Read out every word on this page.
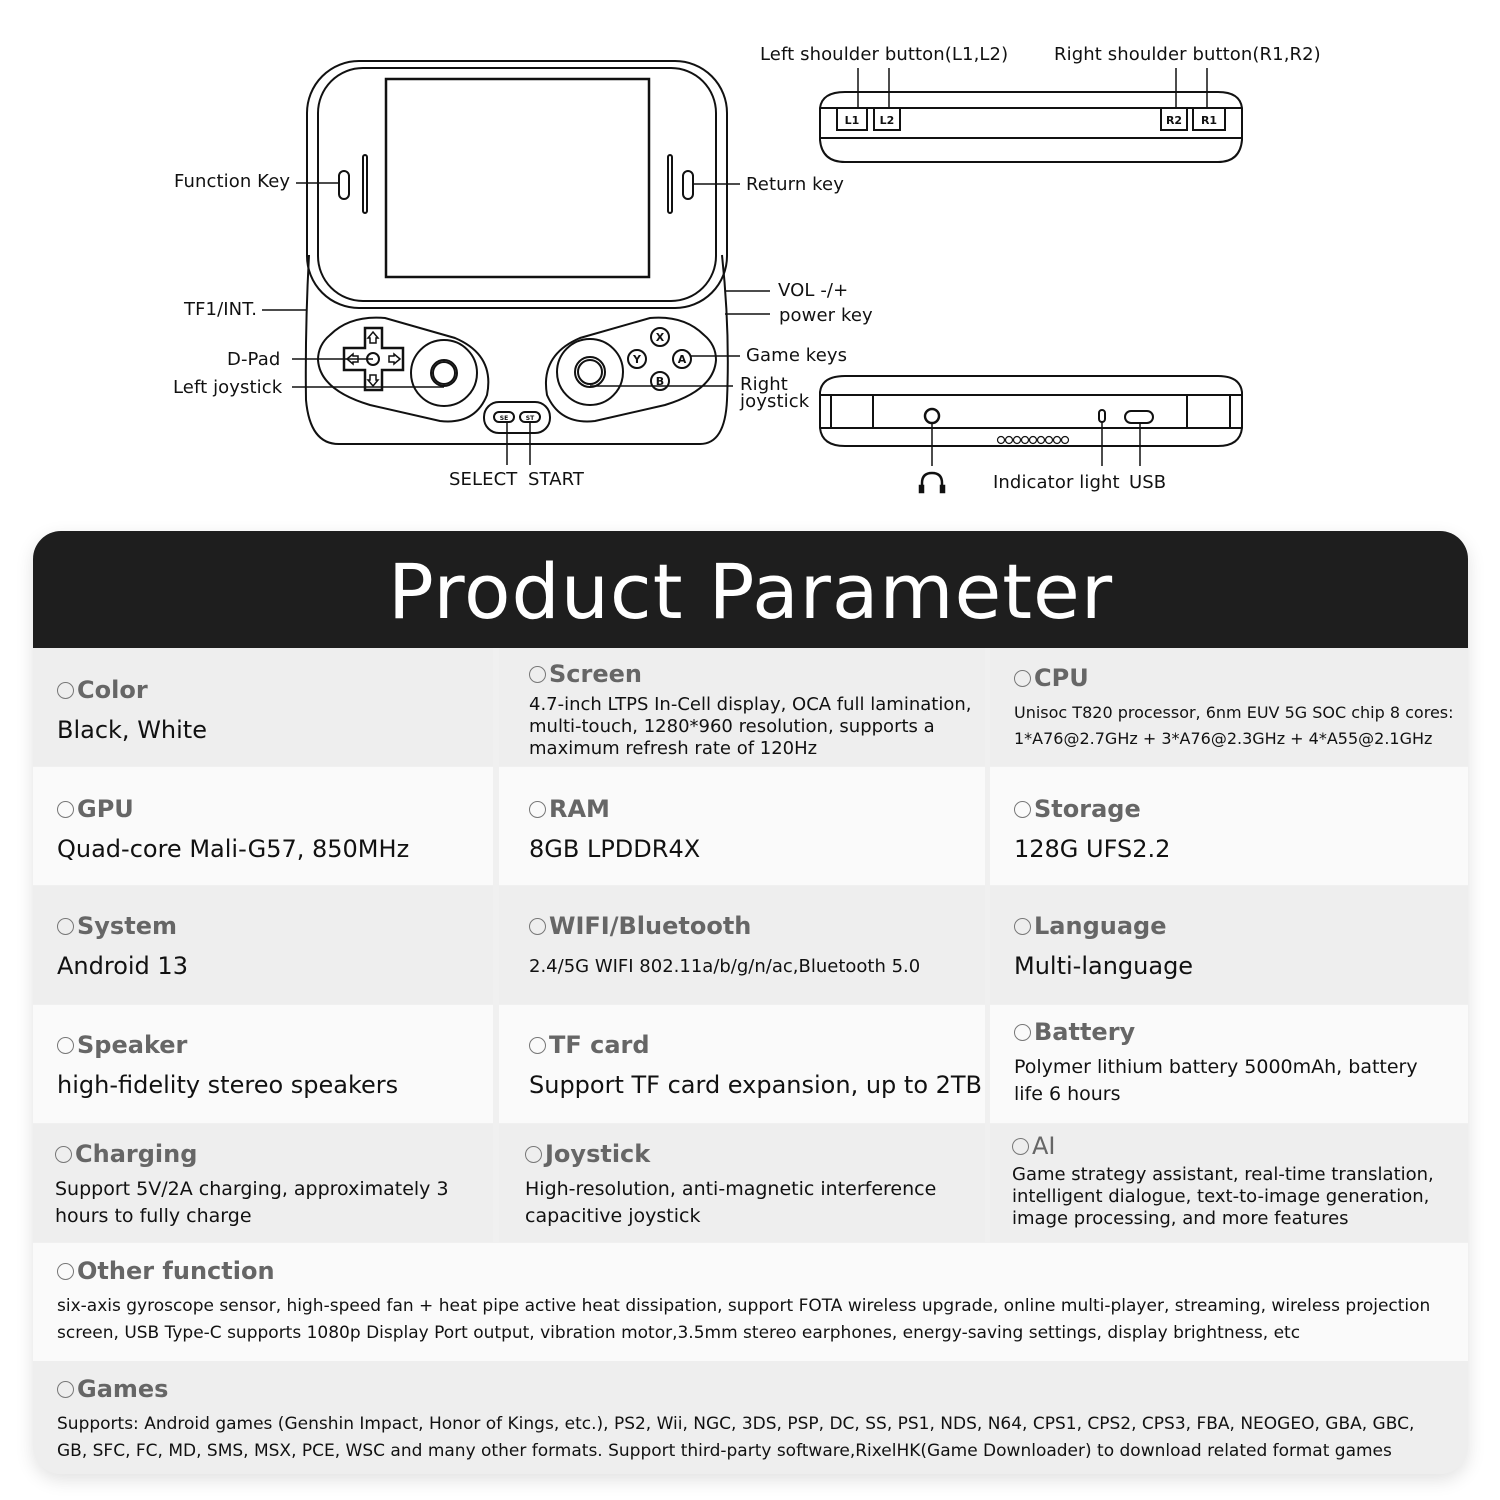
X
Y	A
B
SE	ST
L1 L2	R2 R1
Function Key	Return key
TF1/INT.
VOL -/+
power key
D-Pad
Left joystick
Game keys
Right
joystick
SELECT START
Left shoulder button(L1,L2)	Right shoulder button(R1,R2)
Indicator light USB
Product Parameter
Color
Black, White
Screen
4.7-inch LTPS In-Cell display, OCA full lamination, multi-touch, 1280*960 resolution, supports a maximum refresh rate of 120Hz
CPU
Unisoc T820 processor, 6nm EUV 5G SOC chip 8 cores: 1*A76@2.7GHz + 3*A76@2.3GHz + 4*A55@2.1GHz
GPU
Quad-core Mali-G57, 850MHz
RAM
8GB LPDDR4X
Storage
128G UFS2.2
System
Android 13
WIFI/Bluetooth
2.4/5G WIFI 802.11a/b/g/n/ac,Bluetooth 5.0
Language
Multi-language
Speaker
high-fidelity stereo speakers
TF card
Support TF card expansion, up to 2TB
Battery
Polymer lithium battery 5000mAh, battery life 6 hours
Charging
Support 5V/2A charging, approximately 3 hours to fully charge
Joystick
High-resolution, anti-magnetic interference capacitive joystick
AI
Game strategy assistant, real-time translation, intelligent dialogue, text-to-image generation, image processing, and more features
Other function
six-axis gyroscope sensor, high-speed fan + heat pipe active heat dissipation, support FOTA wireless upgrade, online multi-player, streaming, wireless projection screen, USB Type-C supports 1080p Display Port output, vibration motor,3.5mm stereo earphones, energy-saving settings, display brightness, etc
Games
Supports: Android games (Genshin Impact, Honor of Kings, etc.), PS2, Wii, NGC, 3DS, PSP, DC, SS, PS1, NDS, N64, CPS1, CPS2, CPS3, FBA, NEOGEO, GBA, GBC, GB, SFC, FC, MD, SMS, MSX, PCE, WSC and many other formats. Support third-party software,RixelHK(Game Downloader) to download related format games
